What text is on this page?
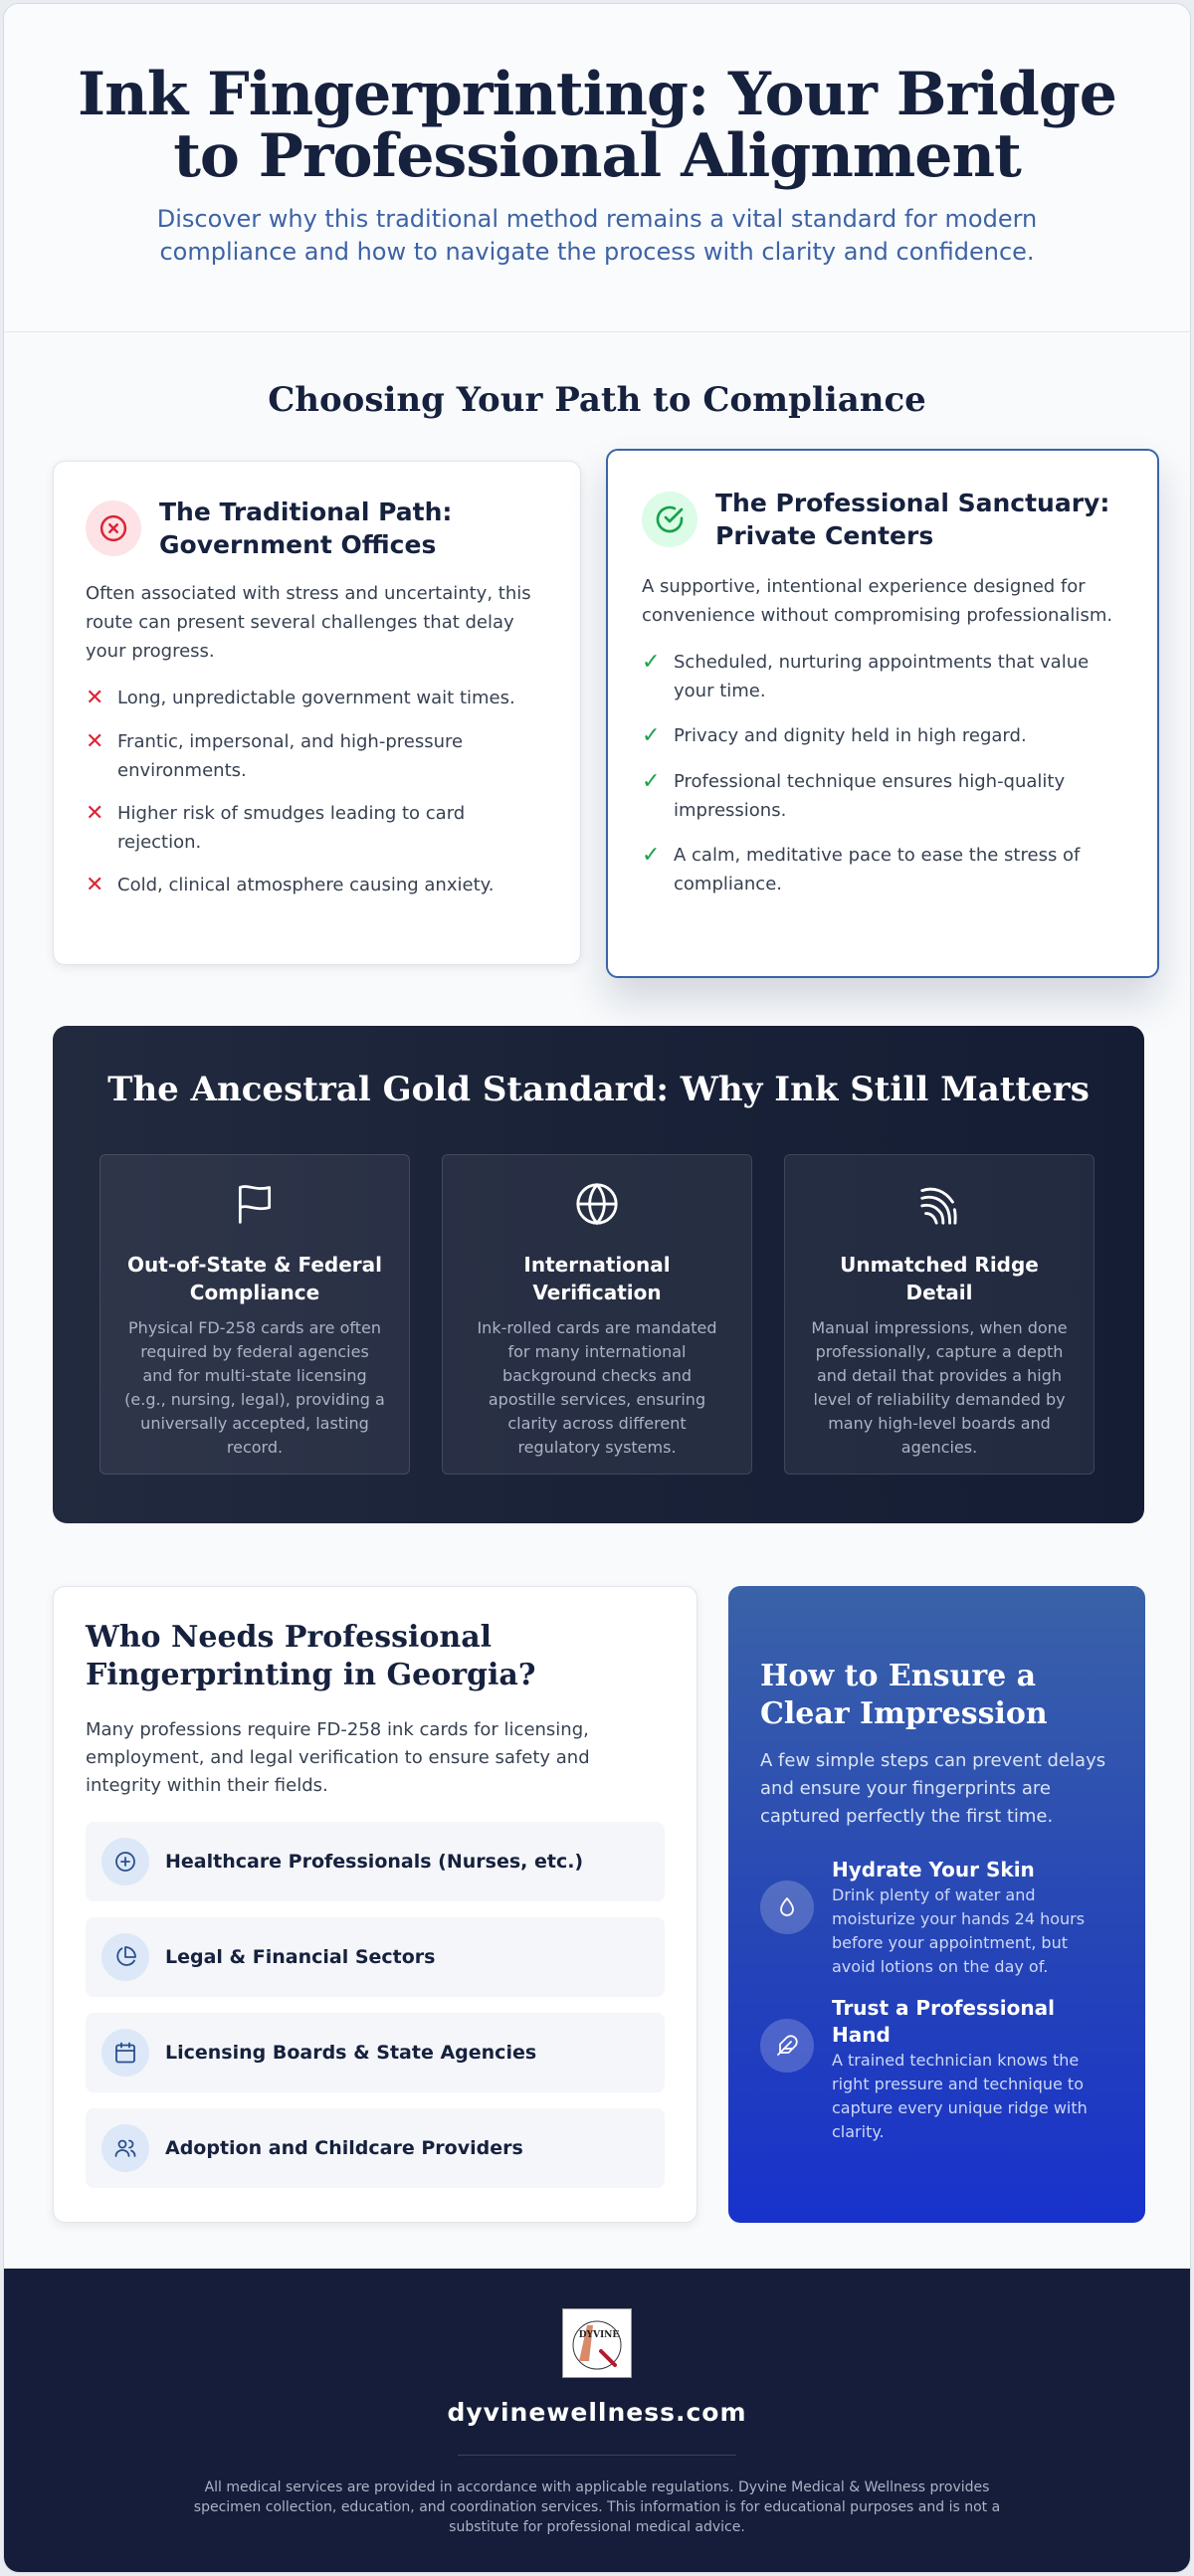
Ink Fingerprinting: Your Bridge to Professional Alignment

Discover why this traditional method remains a vital standard for modern compliance and how to navigate the process with clarity and confidence.

Choosing Your Path to Compliance
The Traditional Path: Government Offices

Often associated with stress and uncertainty, this route can present several challenges that delay your progress.

✕ Long, unpredictable government wait times.
✕ Frantic, impersonal, and high-pressure environments.
✕ Higher risk of smudges leading to card rejection.
✕ Cold, clinical atmosphere causing anxiety.
The Professional Sanctuary: Private Centers

A supportive, intentional experience designed for convenience without compromising professionalism.

✓ Scheduled, nurturing appointments that value your time.
✓ Privacy and dignity held in high regard.
✓ Professional technique ensures high-quality impressions.
✓ A calm, meditative pace to ease the stress of compliance.
The Ancestral Gold Standard: Why Ink Still Matters
Out-of-State & Federal Compliance

Physical FD-258 cards are often required by federal agencies and for multi-state licensing (e.g., nursing, legal), providing a universally accepted, lasting record.

International Verification

Ink-rolled cards are mandated for many international background checks and apostille services, ensuring clarity across different regulatory systems.

Unmatched Ridge Detail

Manual impressions, when done professionally, capture a depth and detail that provides a high level of reliability demanded by many high-level boards and agencies.

Who Needs Professional Fingerprinting in Georgia?

Many professions require FD-258 ink cards for licensing, employment, and legal verification to ensure safety and integrity within their fields.

Healthcare Professionals (Nurses, etc.)
Legal & Financial Sectors
Licensing Boards & State Agencies
Adoption and Childcare Providers
How to Ensure a Clear Impression

A few simple steps can prevent delays and ensure your fingerprints are captured perfectly the first time.

Hydrate Your Skin

Drink plenty of water and moisturize your hands 24 hours before your appointment, but avoid lotions on the day of.

Trust a Professional Hand

A trained technician knows the right pressure and technique to capture every unique ridge with clarity.

DYVINE
dyvinewellness.com

All medical services are provided in accordance with applicable regulations. Dyvine Medical & Wellness provides specimen collection, education, and coordination services. This information is for educational purposes and is not a substitute for professional medical advice.
